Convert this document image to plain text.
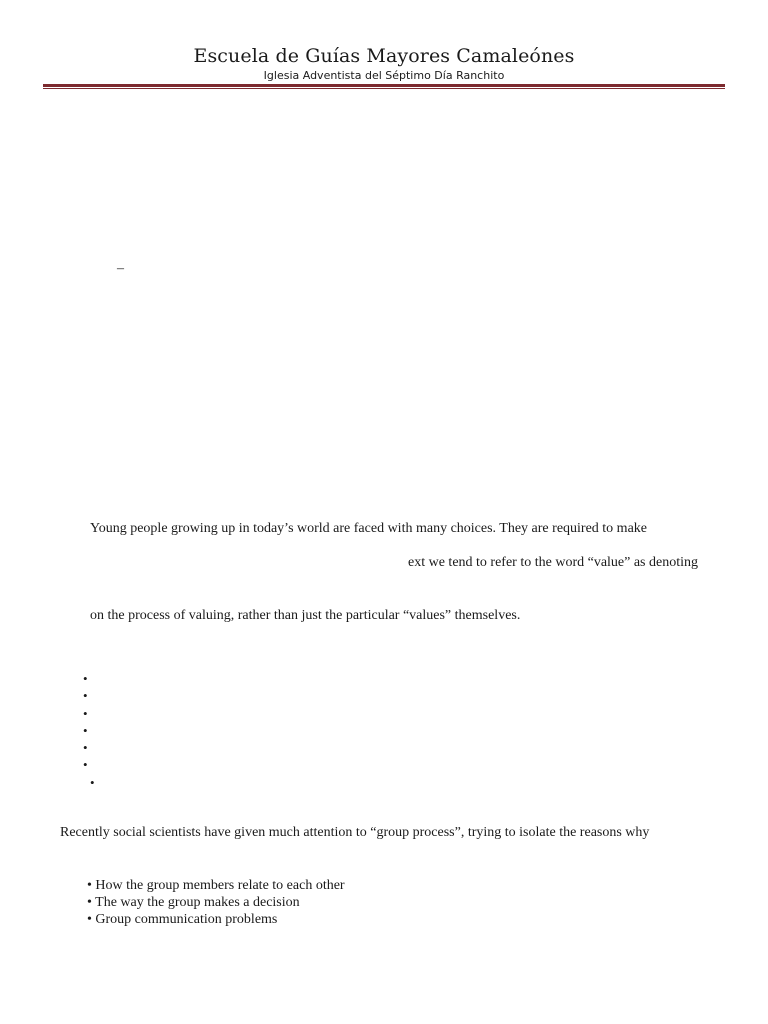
Escuela de Guías Mayores Camaleónes
Iglesia Adventista del Séptimo Día Ranchito
–
Young people growing up in today’s world are faced with many choices. They are required to make
ext we tend to refer to the word “value” as denoting
on the process of valuing, rather than just the particular “values” themselves.
•
•
•
•
•
•
•
Recently social scientists have given much attention to “group process”, trying to isolate the reasons why
• How the group members relate to each other
• The way the group makes a decision
• Group communication problems
